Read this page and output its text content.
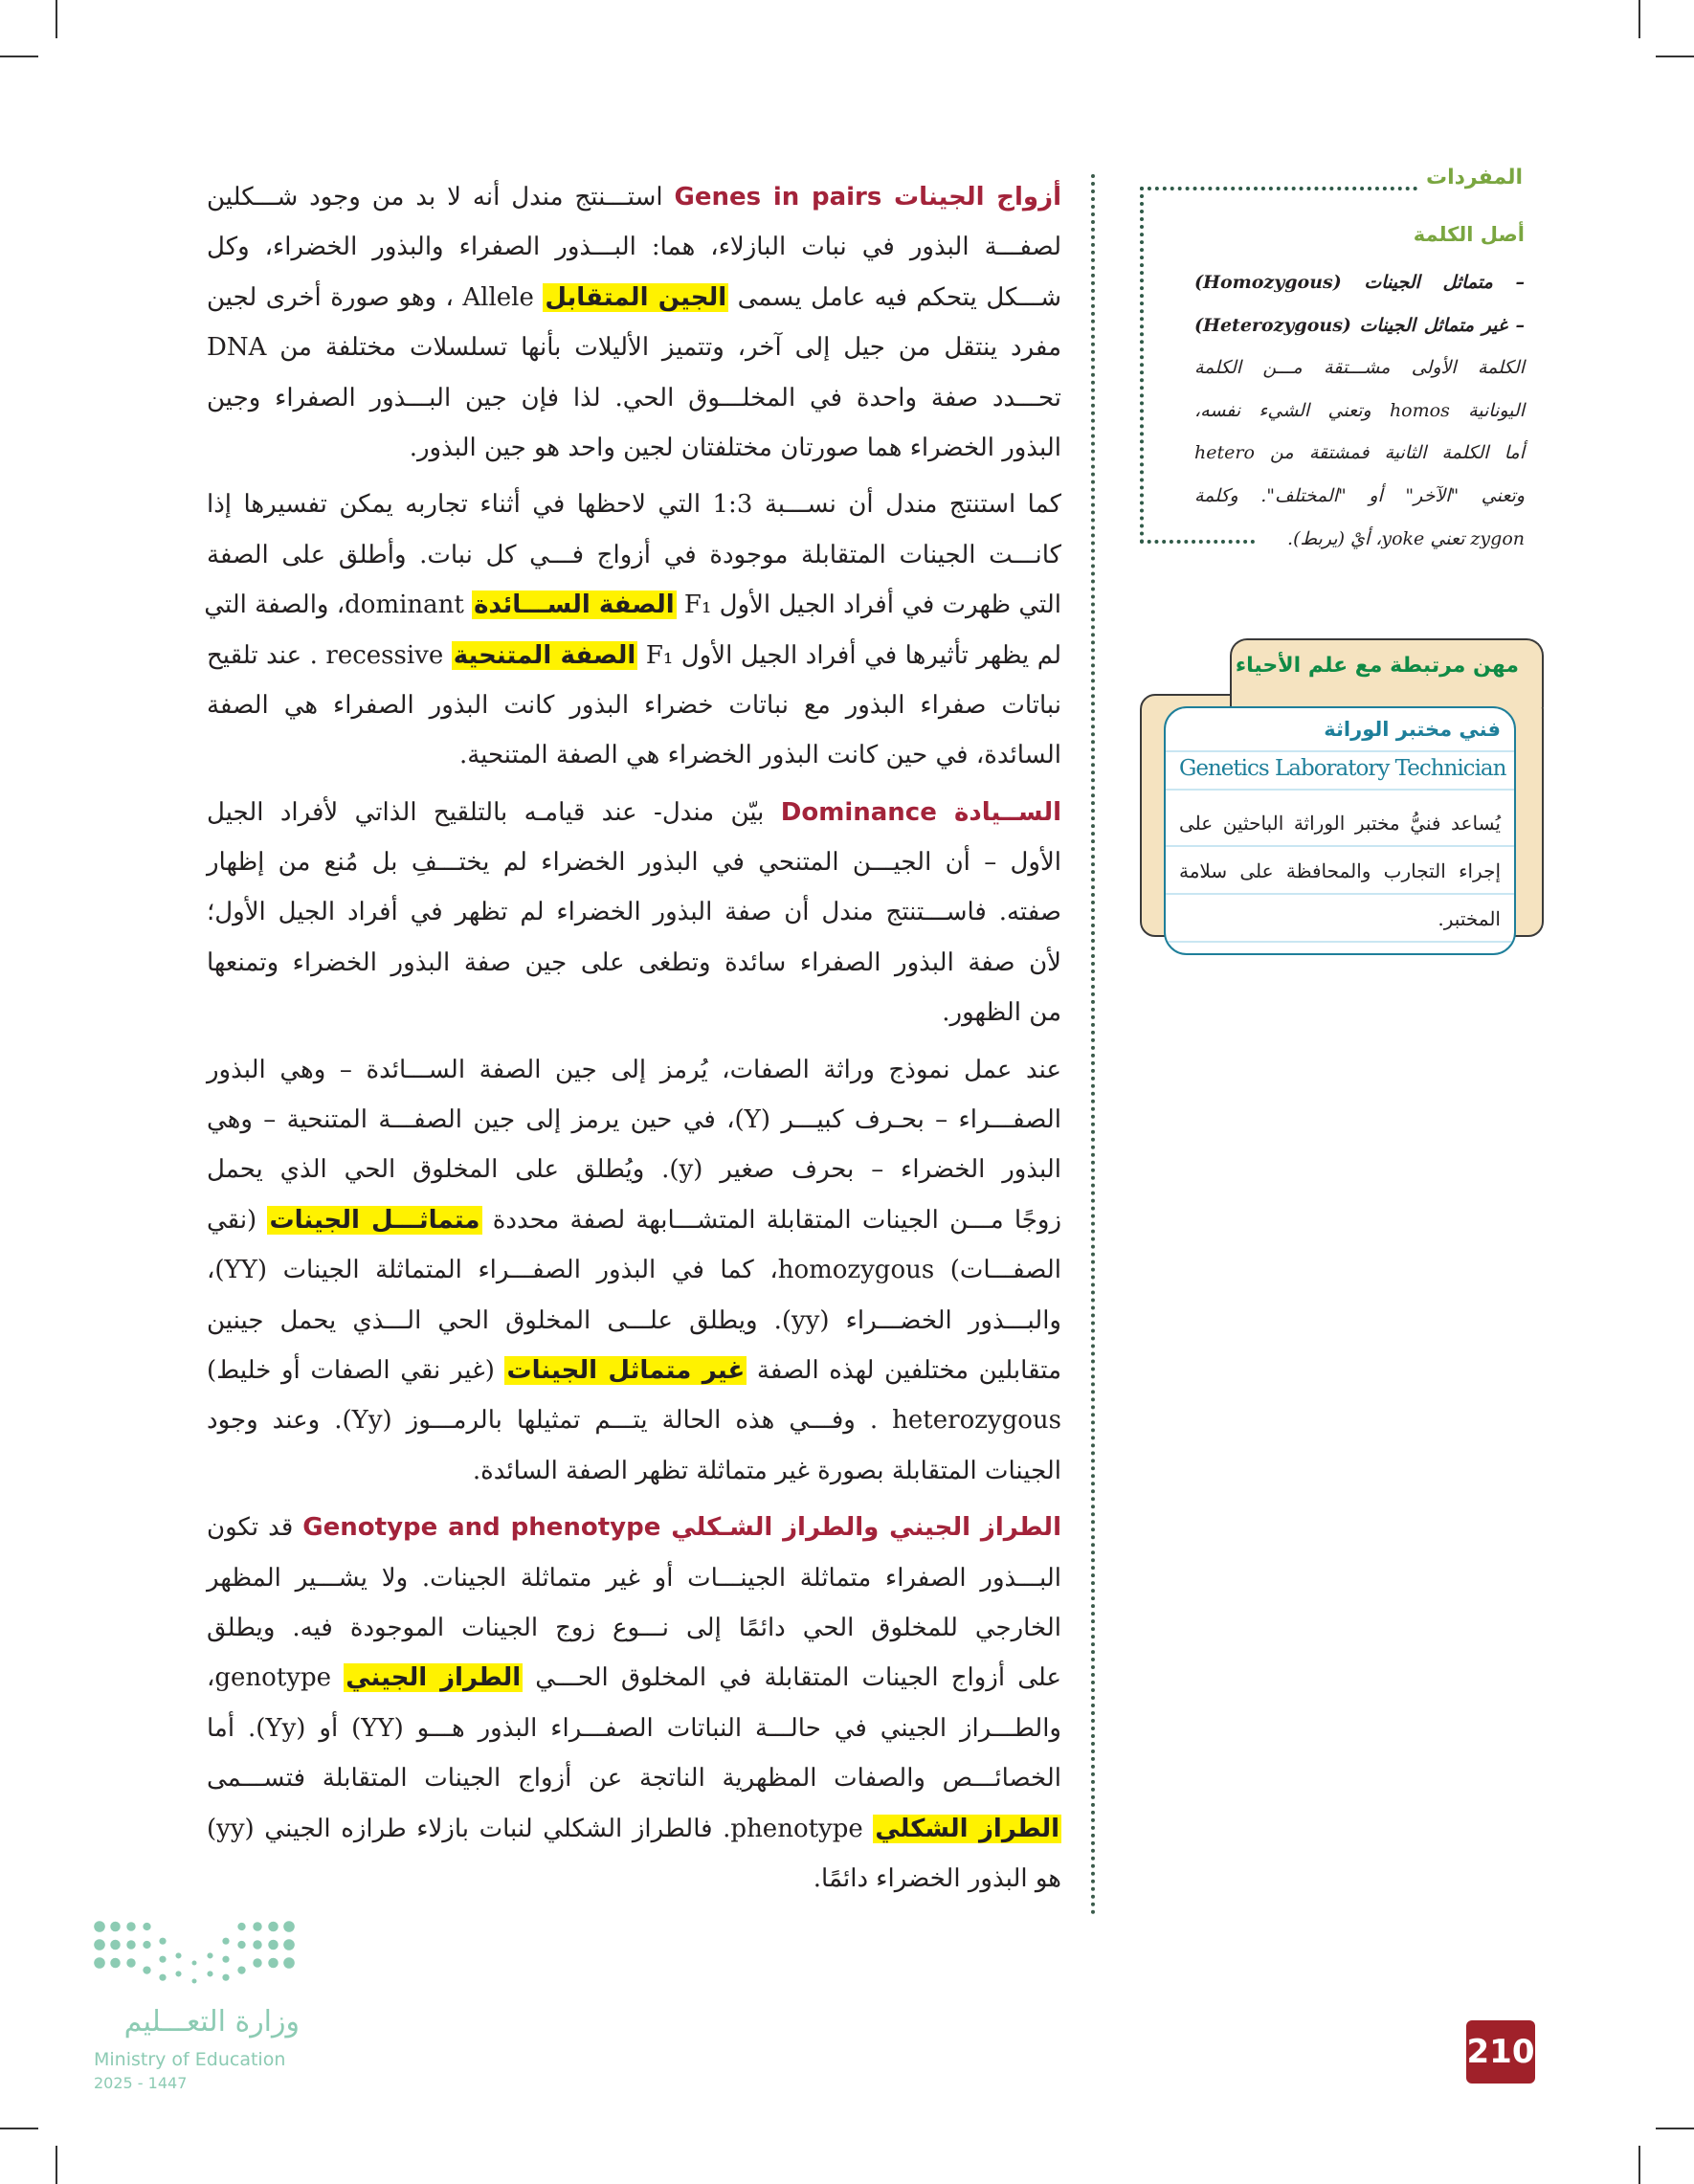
أزواج الجينات Genes in pairs استـــنتج مندل أنه لا بد من وجود شـــكلين
لصفـــة البذور في نبات البازلاء، هما: البـــذور الصفراء والبذور الخضراء، وكل
شـــكل يتحكم فيه عامل يسمى الجين المتقابل Allele ، وهو صورة أخرى لجين
مفرد ينتقل من جيل إلى آخر، وتتميز الأليلات بأنها تسلسلات مختلفة من DNA
تحـــدد صفة واحدة في المخلـــوق الحي. لذا فإن جين البـــذور الصفراء وجين
البذور الخضراء هما صورتان مختلفتان لجين واحد هو جين البذور.
كما استنتج مندل أن نســـبة 1:3 التي لاحظها في أثناء تجاربه يمكن تفسيرها إذا
كانـــت الجينات المتقابلة موجودة في أزواج فـــي كل نبات. وأطلق على الصفة
التي ظهرت في أفراد الجيل الأول F₁ الصفة الســـائدة dominant، والصفة التي
لم يظهر تأثيرها في أفراد الجيل الأول F₁ الصفة المتنحية recessive . عند تلقيح
نباتات صفراء البذور مع نباتات خضراء البذور كانت البذور الصفراء هي الصفة
السائدة، في حين كانت البذور الخضراء هي الصفة المتنحية.
الســيادة Dominance بيّن مندل- عند قيامـه بالتلقيح الذاتي لأفراد الجيل
الأول – أن الجيـــن المتنحي في البذور الخضراء لم يختـــفِ بل مُنع من إظهار
صفته. فاســـتنتج مندل أن صفة البذور الخضراء لم تظهر في أفراد الجيل الأول؛
لأن صفة البذور الصفراء سائدة وتطغى على جين صفة البذور الخضراء وتمنعها
من الظهور.
عند عمل نموذج وراثة الصفات، يُرمز إلى جين الصفة الســـائدة – وهي البذور
الصفـــراء – بحـرف كبيـــر (Y)، في حين يرمز إلى جين الصفـــة المتنحية – وهي
البذور الخضراء – بحرف صغير (y). ويُطلق على المخلوق الحي الذي يحمل
زوجًا مـــن الجينات المتقابلة المتشـــابهة لصفة محددة متماثـــل الجينات (نقي
الصفـــات) homozygous، كما في البذور الصفـــراء المتماثلة الجينات (YY)،
والبـــذور الخضـــراء (yy). ويطلق علـــى المخلوق الحي الـــذي يحمل جينين
متقابلين مختلفين لهذه الصفة غير متماثل الجينات (غير نقي الصفات أو خليط)
heterozygous . وفـــي هذه الحالة يتـــم تمثيلها بالرمـــوز (Yy). وعند وجود
الجينات المتقابلة بصورة غير متماثلة تظهر الصفة السائدة.
الطراز الجيني والطراز الشـكلي Genotype and phenotype قد تكون
البـــذور الصفراء متماثلة الجينـــات أو غير متماثلة الجينات. ولا يشـــير المظهر
الخارجي للمخلوق الحي دائمًا إلى نـــوع زوج الجينات الموجودة فيه. ويطلق
على أزواج الجينات المتقابلة في المخلوق الحـــي الطراز الجيني genotype،
والطـــراز الجيني في حالـــة النباتات الصفـــراء البذور هـــو (YY) أو (Yy). أما
الخصائـــص والصفات المظهرية الناتجة عن أزواج الجينات المتقابلة فتســـمى
الطراز الشكلي phenotype. فالطراز الشكلي لنبات بازلاء طرازه الجيني (yy)
هو البذور الخضراء دائمًا.
المفردات
أصل الكلمة
– متماثل الجينات (Homozygous)
– غير متماثل الجينات (Heterozygous)
الكلمة الأولى مشـــتقة مـــن الكلمة
اليونانية homos وتعني الشيء نفسه،
أما الكلمة الثانية فمشتقة من hetero
وتعني "الآخر" أو "المختلف". وكلمة
zygon تعني yoke، أيْ (يربط).
مهن مرتبطة مع علم الأحياء
فني مختبر الوراثة
Genetics Laboratory Technician
يُساعد فنيُّ مختبر الوراثة الباحثين على
إجراء التجارب والمحافظة على سلامة
المختبر.
وزارة التعـــليم
Ministry of Education
2025 - 1447
210
